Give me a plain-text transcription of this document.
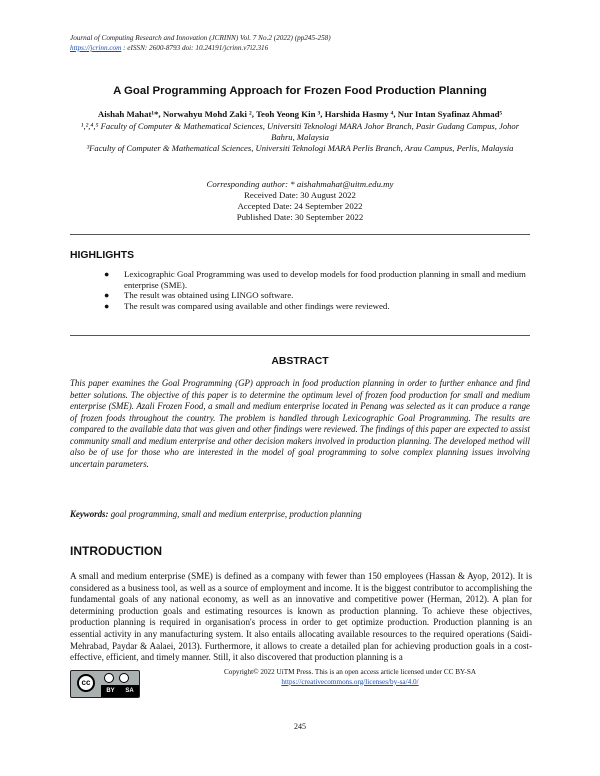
Journal of Computing Research and Innovation (JCRINN) Vol. 7 No.2 (2022) (pp245-258)
https://jcrinn.com : eISSN: 2600-8793 doi: 10.24191/jcrinn.v7i2.316
A Goal Programming Approach for Frozen Food Production Planning
Aishah Mahat¹*, Norwahyu Mohd Zaki ², Teoh Yeong Kin ³, Harshida Hasmy ⁴, Nur Intan Syafinaz Ahmad⁵
¹,²,⁴,⁵ Faculty of Computer & Mathematical Sciences, Universiti Teknologi MARA Johor Branch, Pasir Gudang Campus, Johor Bahru, Malaysia
³Faculty of Computer & Mathematical Sciences, Universiti Teknologi MARA Perlis Branch, Arau Campus, Perlis, Malaysia
Corresponding author: * aishahmahat@uitm.edu.my
Received Date: 30 August 2022
Accepted Date: 24 September 2022
Published Date: 30 September 2022
HIGHLIGHTS
● Lexicographic Goal Programming was used to develop models for food production planning in small and medium enterprise (SME).
● The result was obtained using LINGO software.
● The result was compared using available and other findings were reviewed.
ABSTRACT
This paper examines the Goal Programming (GP) approach in food production planning in order to further enhance and find better solutions. The objective of this paper is to determine the optimum level of frozen food production for small and medium enterprise (SME). Azali Frozen Food, a small and medium enterprise located in Penang was selected as it can produce a range of frozen foods throughout the country. The problem is handled through Lexicographic Goal Programming. The results are compared to the available data that was given and other findings were reviewed. The findings of this paper are expected to assist community small and medium enterprise and other decision makers involved in production planning. The developed method will also be of use for those who are interested in the model of goal programming to solve complex planning issues involving uncertain parameters.
Keywords: goal programming, small and medium enterprise, production planning
INTRODUCTION
A small and medium enterprise (SME) is defined as a company with fewer than 150 employees (Hassan & Ayop, 2012). It is considered as a business tool, as well as a source of employment and income. It is the biggest contributor to accomplishing the fundamental goals of any national economy, as well as an innovative and competitive power (Herman, 2012). A plan for determining production goals and estimating resources is known as production planning. To achieve these objectives, production planning is required in organisation's process in order to get optimize production. Production planning is an essential activity in any manufacturing system. It also entails allocating available resources to the required operations (Saidi-Mehrabad, Paydar & Aalaei, 2013). Furthermore, it allows to create a detailed plan for achieving production goals in a cost-effective, efficient, and timely manner. Still, it also discovered that production planning is a
cc
BY SA
Copyright© 2022 UiTM Press. This is an open access article licensed under CC BY-SA
https://creativecommons.org/licenses/by-sa/4.0/
245
